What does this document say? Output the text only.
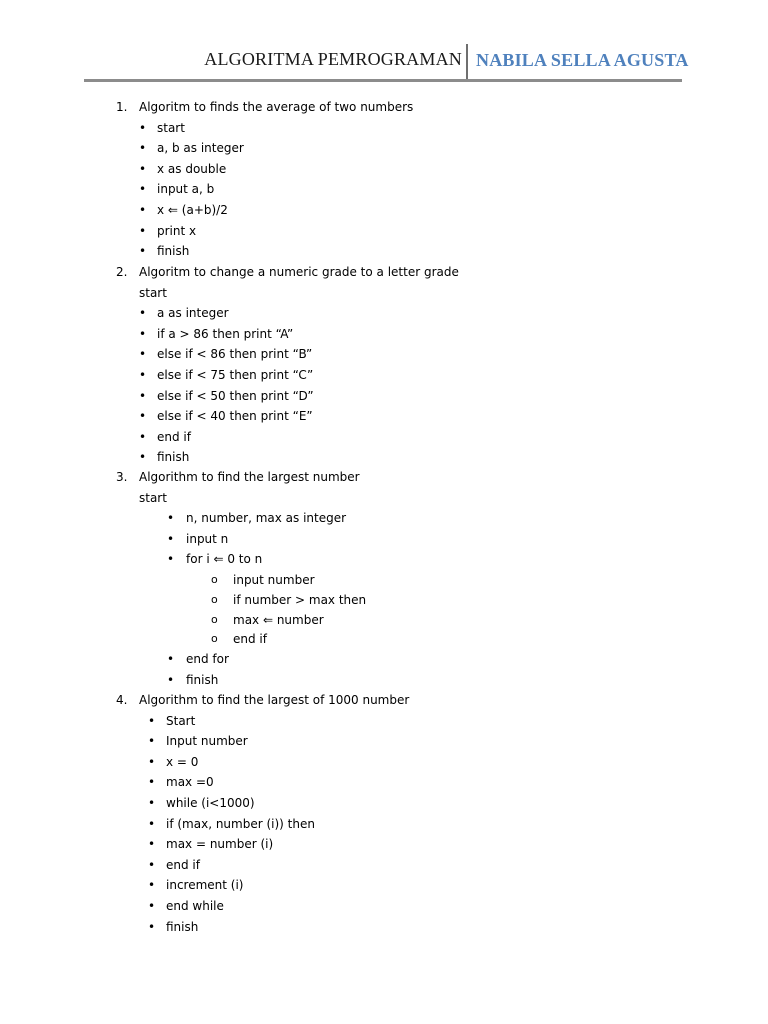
ALGORITMA PEMROGRAMAN NABILA SELLA AGUSTA
1. Algoritm to finds the average of two numbers
• start
• a, b as integer
• x as double
• input a, b
• x ⇐ (a+b)/2
• print x
• finish
2. Algoritm to change a numeric grade to a letter grade
start
• a as integer
• if a > 86 then print “A”
• else if < 86 then print “B”
• else if < 75 then print “C”
• else if < 50 then print “D”
• else if < 40 then print “E”
• end if
• finish
3. Algorithm to find the largest number
start
• n, number, max as integer
• input n
• for i ⇐ 0 to n
o input number
o if number > max then
o max ⇐ number
o end if
• end for
• finish
4. Algorithm to find the largest of 1000 number
• Start
• Input number
• x = 0
• max =0
• while (i<1000)
• if (max, number (i)) then
• max = number (i)
• end if
• increment (i)
• end while
• finish
